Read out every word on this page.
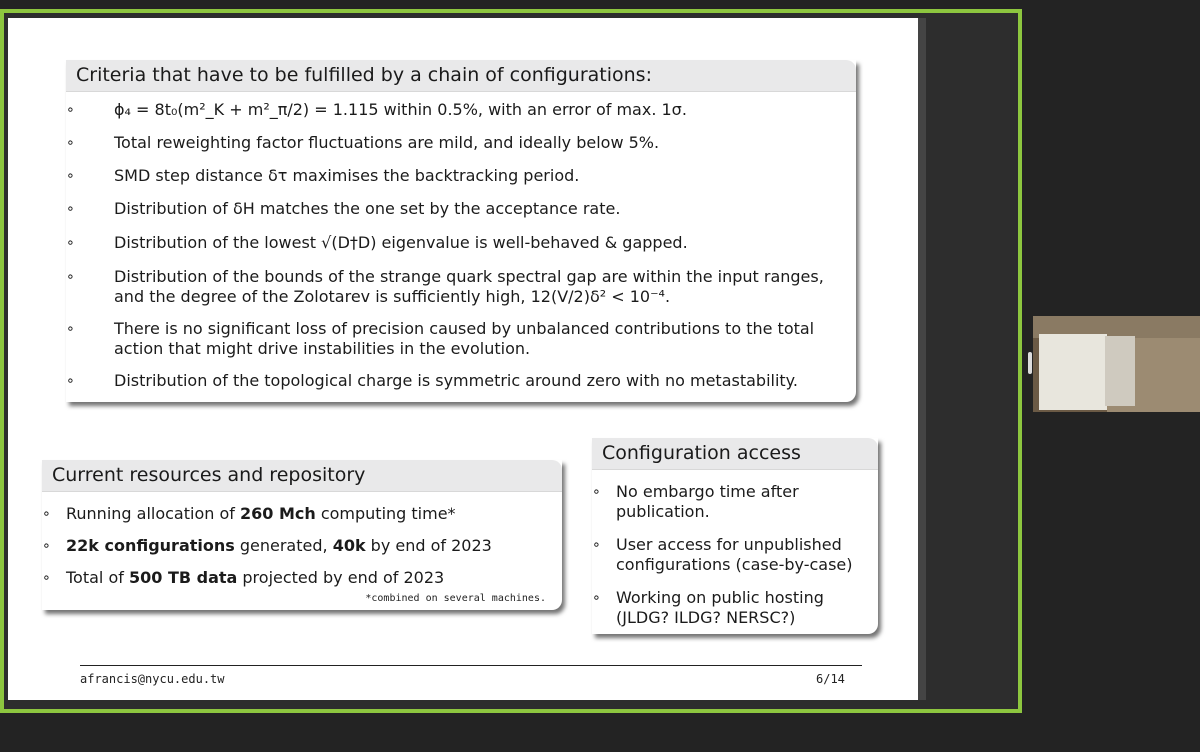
Criteria that have to be fulfilled by a chain of configurations:
∘ ϕ₄ = 8t₀(m²_K + m²_π/2) = 1.115 within 0.5%, with an error of max. 1σ.
∘ Total reweighting factor fluctuations are mild, and ideally below 5%.
∘ SMD step distance δτ maximises the backtracking period.
∘ Distribution of δH matches the one set by the acceptance rate.
∘ Distribution of the lowest √(D†D) eigenvalue is well-behaved & gapped.
∘ Distribution of the bounds of the strange quark spectral gap are within the input ranges, and the degree of the Zolotarev is sufficiently high, 12(V/2)δ² < 10⁻⁴.
∘ There is no significant loss of precision caused by unbalanced contributions to the total action that might drive instabilities in the evolution.
∘ Distribution of the topological charge is symmetric around zero with no metastability.
Current resources and repository
∘ Running allocation of 260 Mch computing time*
∘ 22k configurations generated, 40k by end of 2023
∘ Total of 500 TB data projected by end of 2023
*combined on several machines.
Configuration access
∘ No embargo time after publication.
∘ User access for unpublished configurations (case-by-case)
∘ Working on public hosting (JLDG? ILDG? NERSC?)
afrancis@nycu.edu.tw	6/14
